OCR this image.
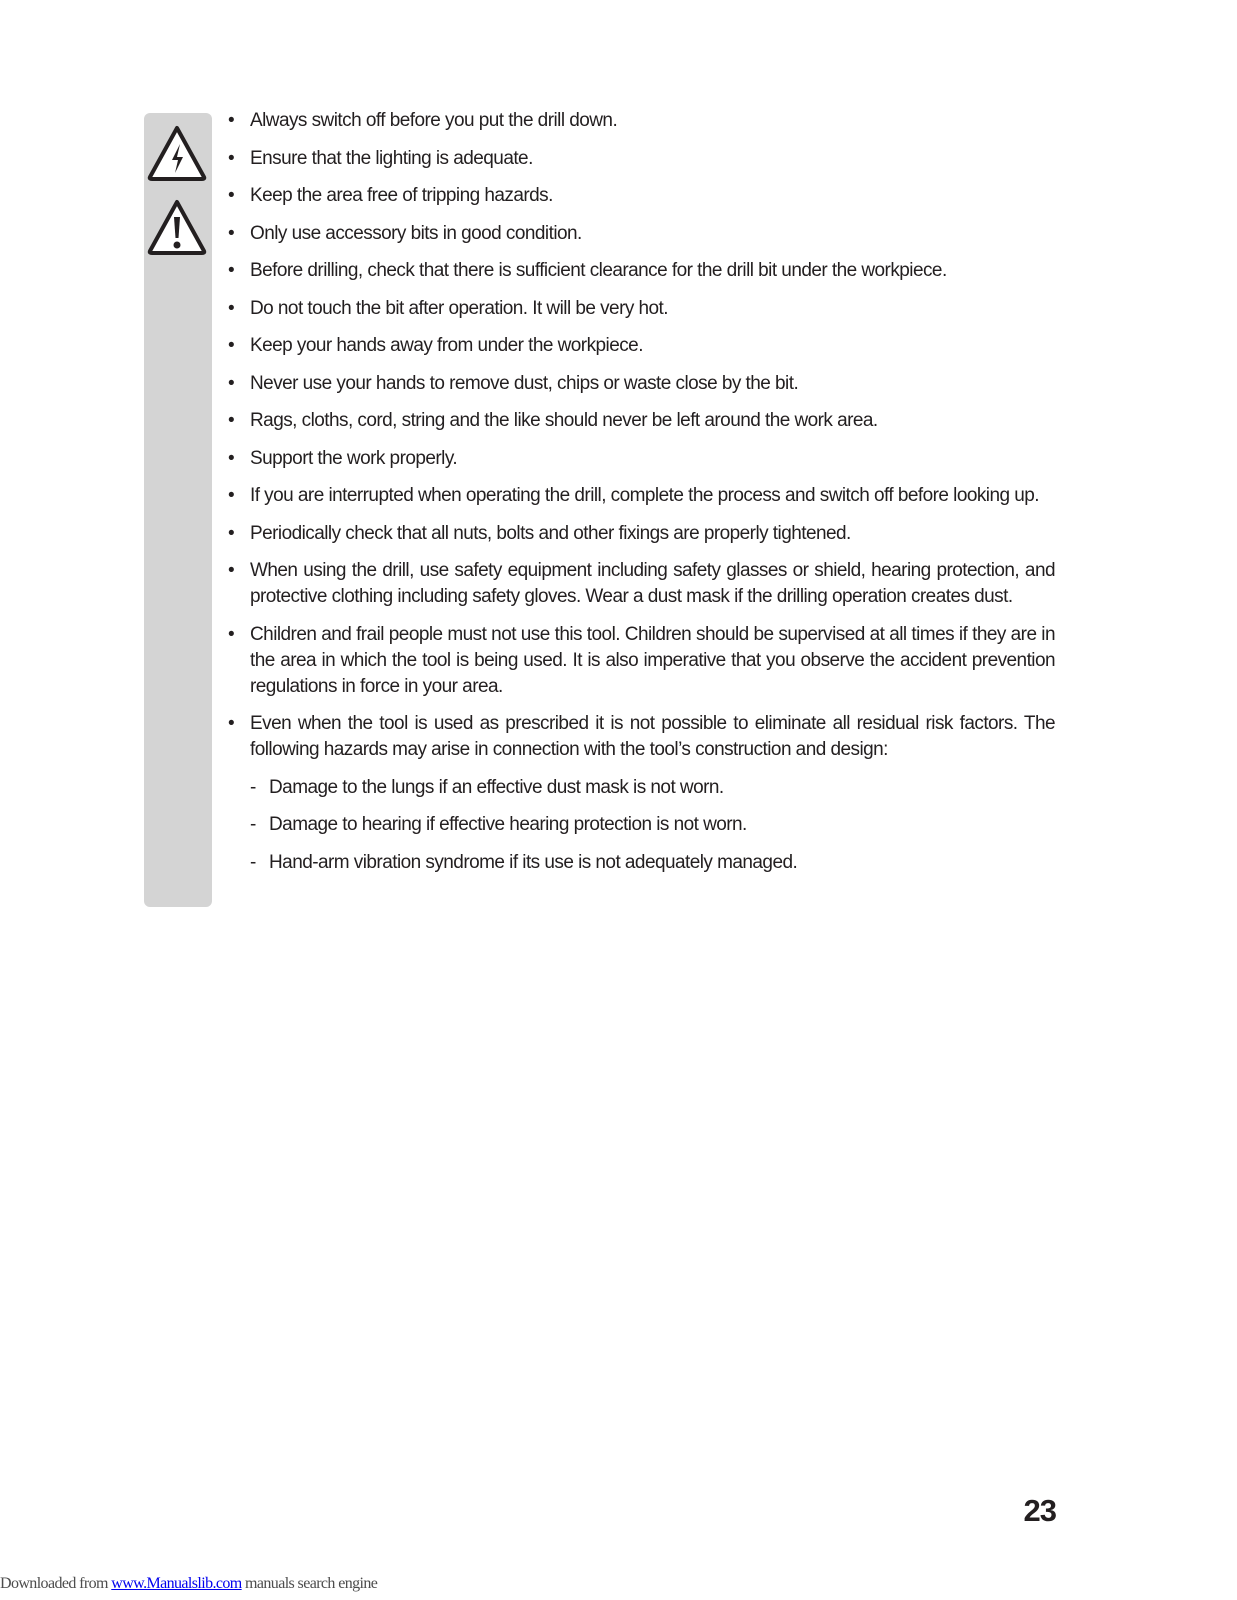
• Always switch off before you put the drill down.
• Ensure that the lighting is adequate.
• Keep the area free of tripping hazards.
• Only use accessory bits in good condition.
• Before drilling, check that there is sufficient clearance for the drill bit under the workpiece.
• Do not touch the bit after operation. It will be very hot.
• Keep your hands away from under the workpiece.
• Never use your hands to remove dust, chips or waste close by the bit.
• Rags, cloths, cord, string and the like should never be left around the work area.
• Support the work properly.
• If you are interrupted when operating the drill, complete the process and switch off before looking up.
• Periodically check that all nuts, bolts and other fixings are properly tightened.
• When using the drill, use safety equipment including safety glasses or shield, hearing protection, and protective clothing including safety gloves. Wear a dust mask if the drilling operation creates dust.
• Children and frail people must not use this tool. Children should be supervised at all times if they are in the area in which the tool is being used. It is also imperative that you observe the accident prevention regulations in force in your area.
• Even when the tool is used as prescribed it is not possible to eliminate all residual risk factors. The following hazards may arise in connection with the tool’s construction and design:
- Damage to the lungs if an effective dust mask is not worn.
- Damage to hearing if effective hearing protection is not worn.
- Hand-arm vibration syndrome if its use is not adequately managed.
23
Downloaded from www.Manualslib.com manuals search engine
